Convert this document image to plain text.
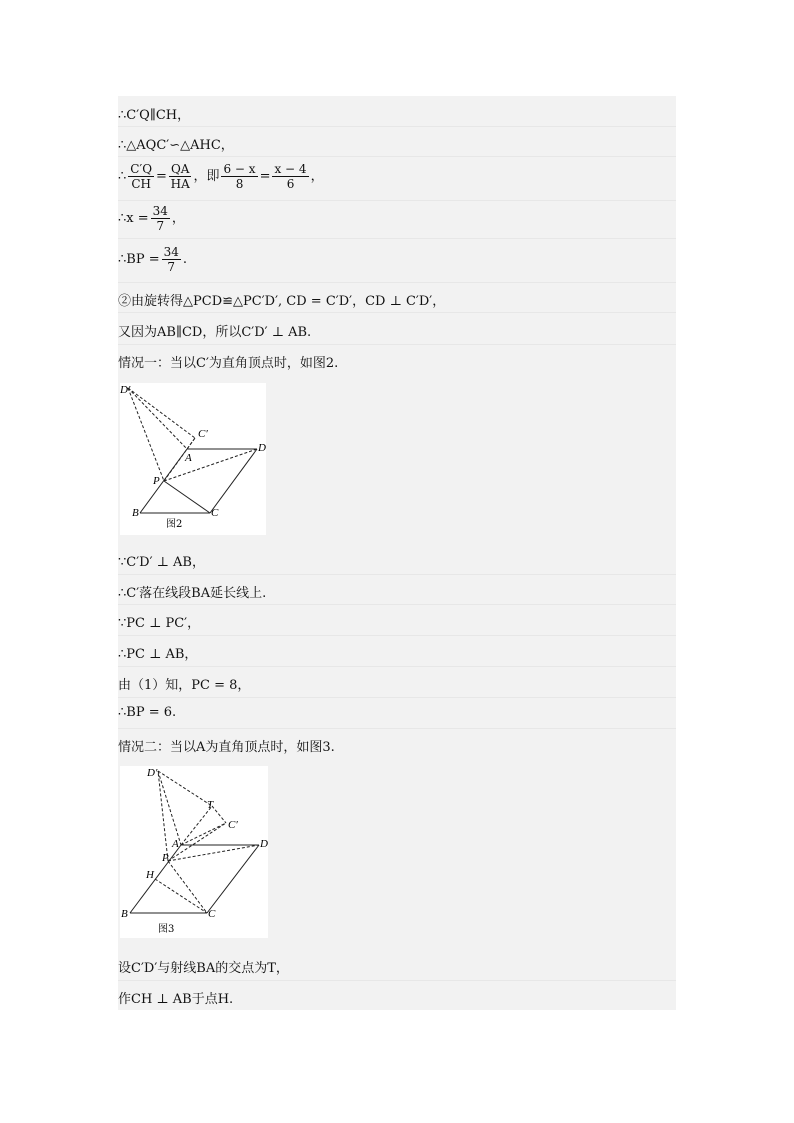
∴C′Q∥CH，
∴△AQC′∽△AHC，
∴ $\frac{C'Q}{CH} = \frac{QA}{HA}$ ，即 $\frac{6 - x}{8} = \frac{x - 4}{6}$ ，
∴x = $\frac{34}{7}$ ，
∴BP = $\frac{34}{7}$ .
②由旋转得△PCD≌△PC′D′, CD = C′D′，CD ⊥ C′D′，
又因为AB∥CD，所以C′D′ ⊥ AB.
情况一：当以C′为直角顶点时，如图2.
D′
C′
A
D
P
B	C
图2
∵C′D′ ⊥ AB，
∴C′落在线段BA延长线上.
∵PC ⊥ PC′，
∴PC ⊥ AB，
由（1）知，PC = 8，
∴BP = 6.
情况二：当以A为直角顶点时，如图3.
D′
T
C′
A	D
P
H
B	C
图3
设C′D′与射线BA的交点为T，
作CH ⊥ AB于点H.
